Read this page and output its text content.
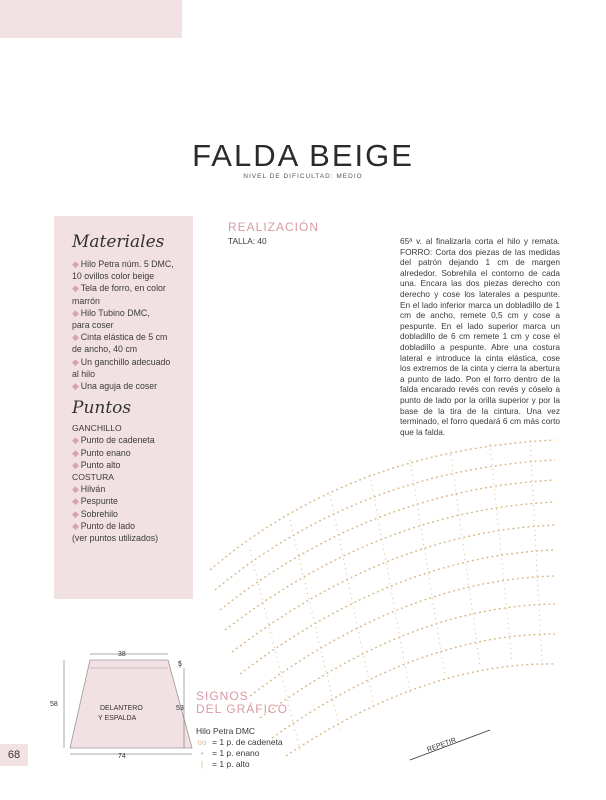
FALDA BEIGE
NIVEL DE DIFICULTAD: MEDIO

Materiales

◆ Hilo Petra núm. 5 DMC,
10 ovillos color beige
◆ Tela de forro, en color
marrón
◆ Hilo Tubino DMC,
para coser
◆ Cinta elástica de 5 cm
de ancho, 40 cm
◆ Un ganchillo adecuado
al hilo
◆ Una aguja de coser

Puntos

GANCHILLO
◆ Punto de cadeneta
◆ Punto enano
◆ Punto alto
COSTURA
◆ Hilván
◆ Pespunte
◆ Sobrehilo
◆ Punto de lado
(ver puntos utilizados)
REALIZACIÓN
TALLA: 40	65ª v. al finalizarla corta el hilo y remata. FORRO: Corta dos piezas de las medidas del patrón dejando 1 cm de margen alrededor. Sobrehila el contorno de cada una. Encara las dos piezas derecho con derecho y cose los laterales a pespunte. En el lado inferior marca un dobladillo de 1 cm de ancho, remete 0,5 cm y cose a pespunte. En el lado superior marca un dobladillo de 6 cm remete 1 cm y cose el dobladillo a pespunte. Abre una costura lateral e introduce la cinta elástica, cose los extremos de la cinta y cierra la abertura a punto de lado. Pon el forro dentro de la falda encarado revés con revés y cóselo a punto de lado por la orilla superior y por la base de la tira de la cintura. Una vez terminado, el forro quedará 6 cm más corto que la falda.
REPETIR
38
5
58
53
74
DELANTERO
Y ESPALDA
SIGNOS
DEL GRÁFICO
Hilo Petra DMC
oo = 1 p. de cadeneta
•	= 1 p. enano
|	= 1 p. alto
68
